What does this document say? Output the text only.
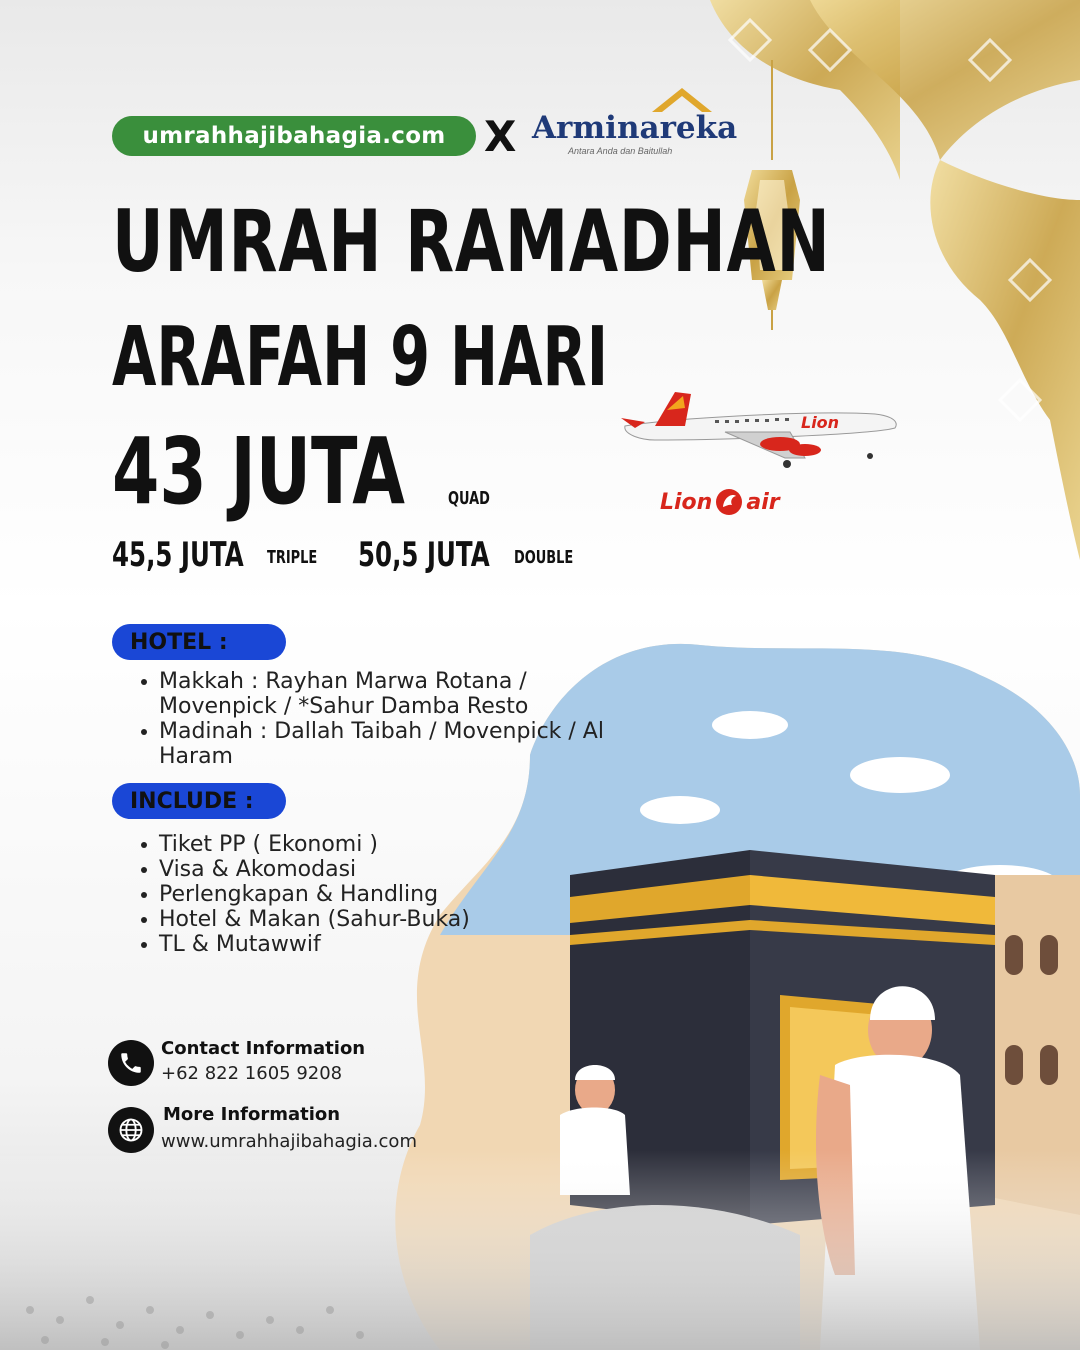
umrahhajibahagia.com X Arminareka
Antara Anda dan Baitullah
UMRAH RAMADHAN
ARAFAH 9 HARI
43 JUTA QUAD
45,5 JUTA TRIPLE 50,5 JUTA DOUBLE
Lion
Lion air
HOTEL :
Makkah : Rayhan Marwa Rotana / Movenpick / *Sahur Damba Resto
Madinah : Dallah Taibah / Movenpick / Al Haram
INCLUDE :
Tiket PP ( Ekonomi )
Visa & Akomodasi
Perlengkapan & Handling
Hotel & Makan (Sahur-Buka)
TL & Mutawwif
Contact Information
+62 822 1605 9208
More Information
www.umrahhajibahagia.com
